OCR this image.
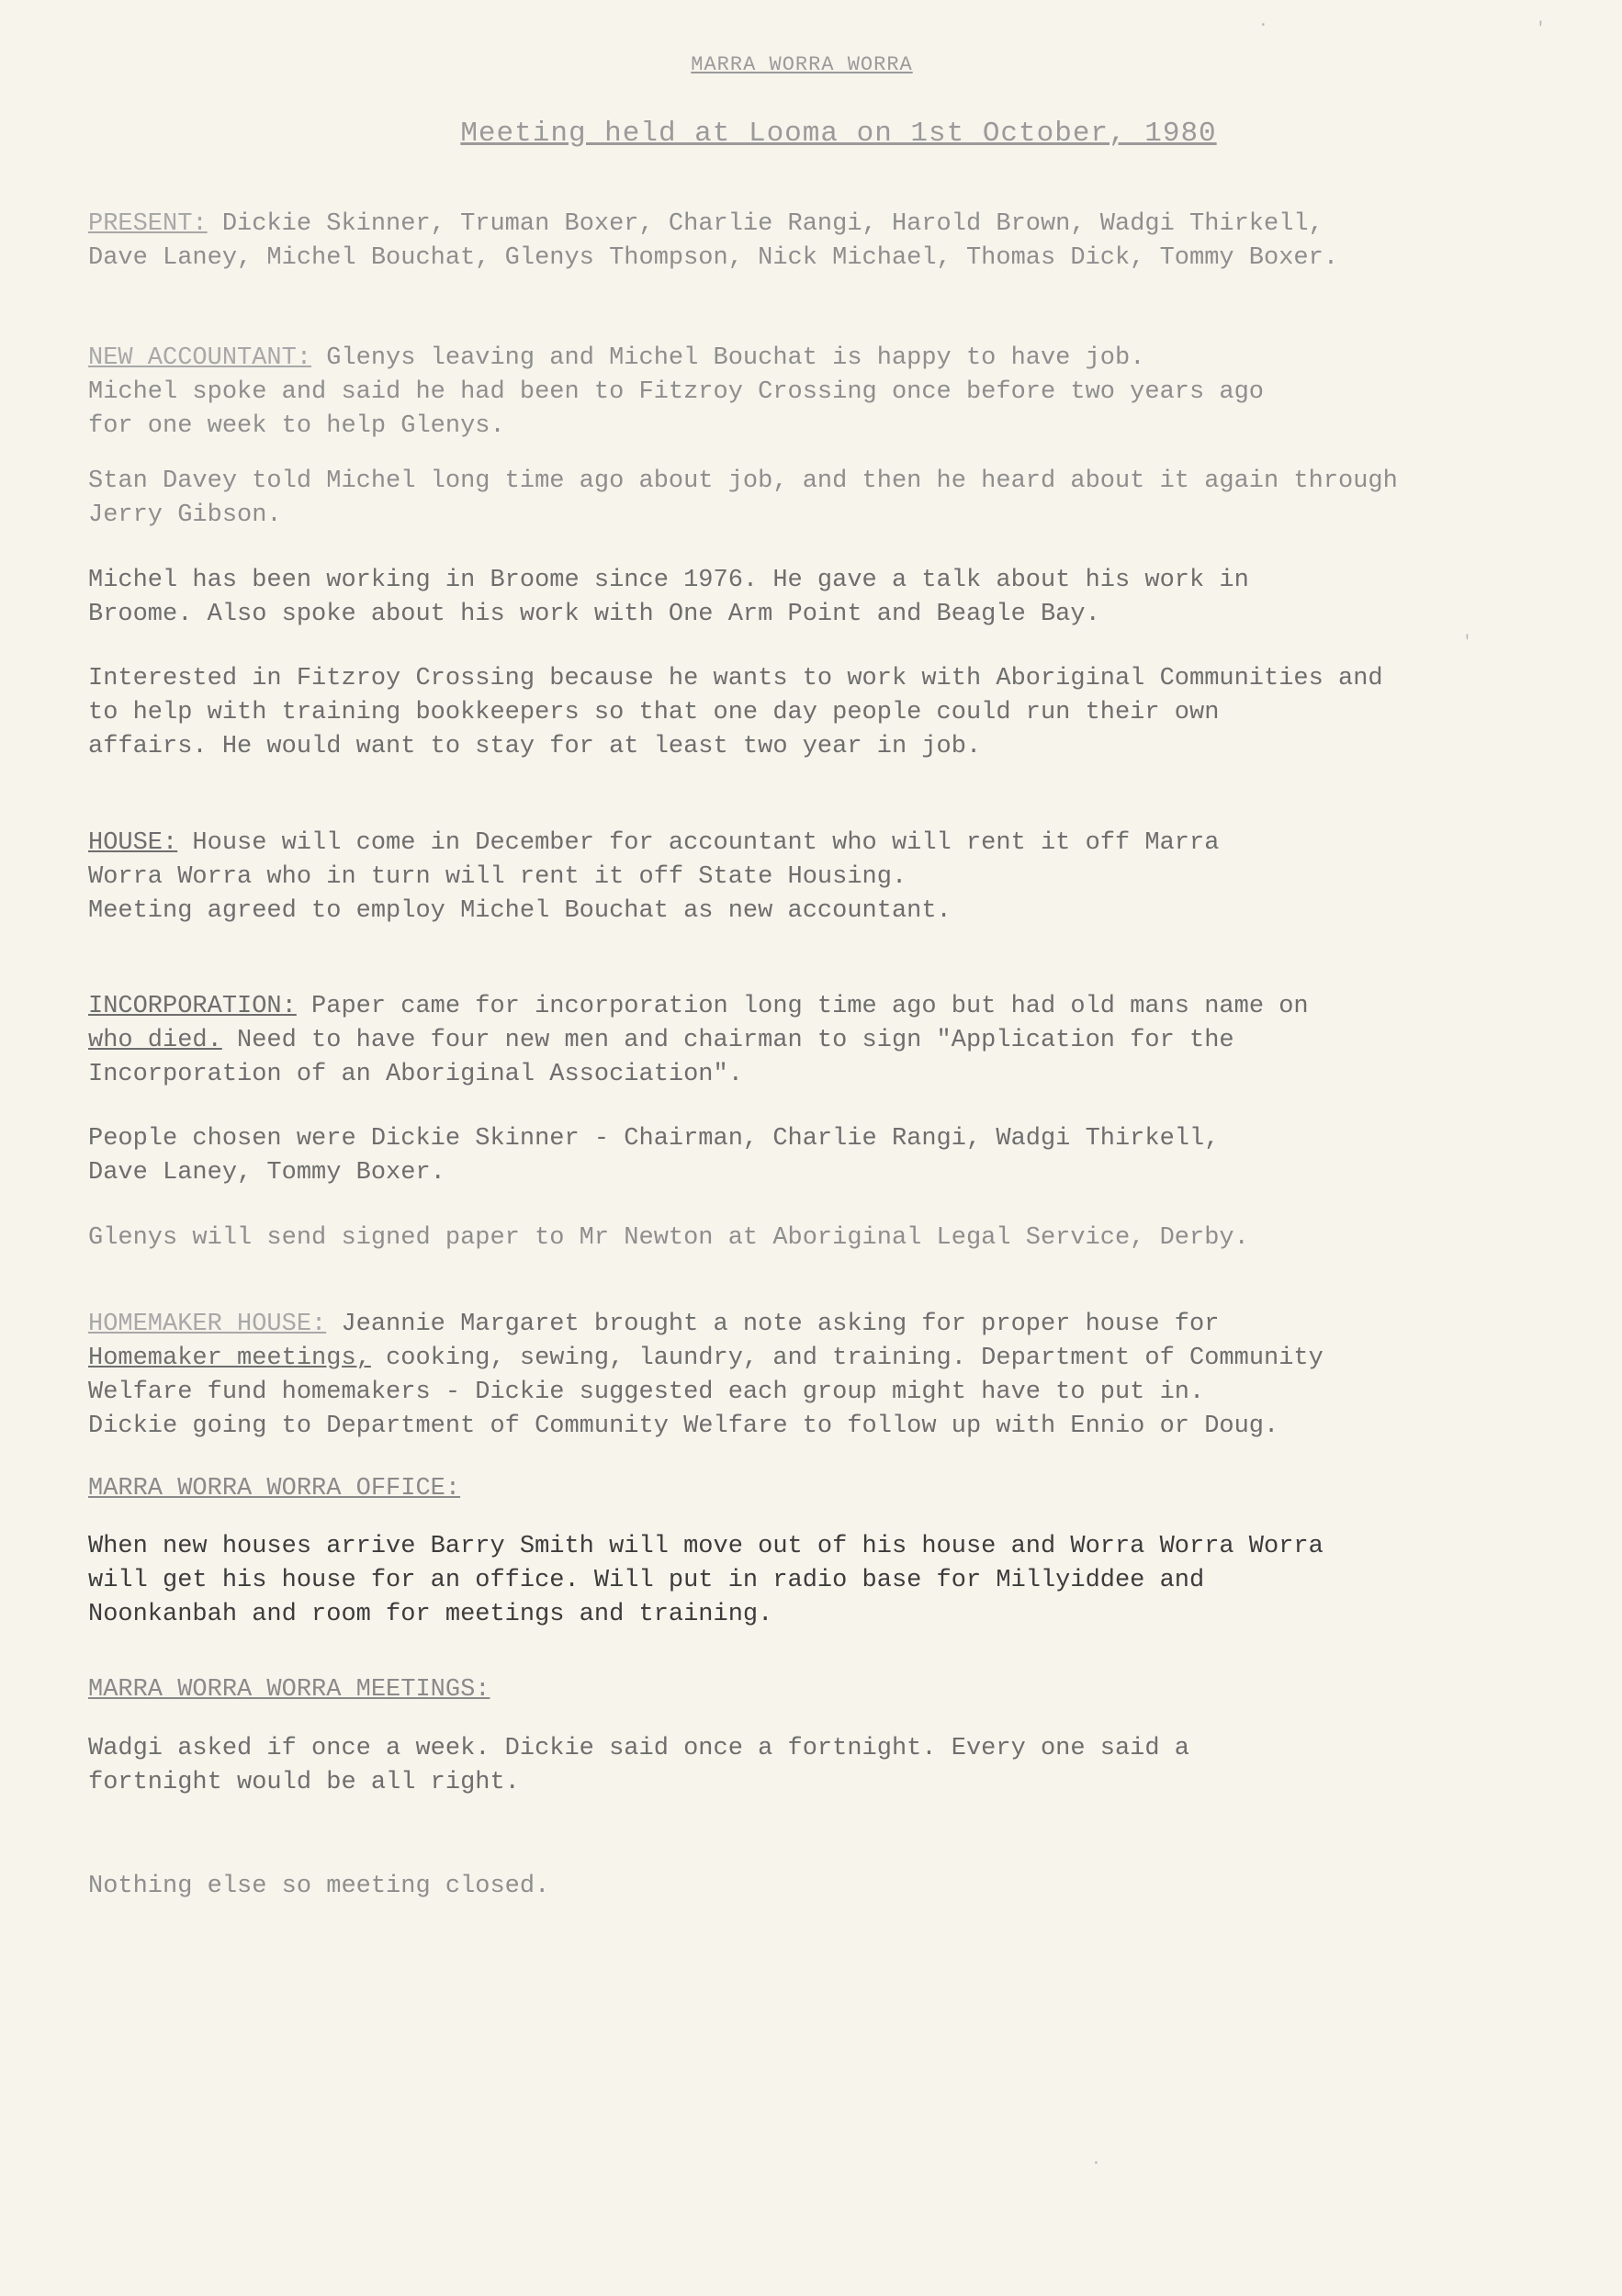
MARRA WORRA WORRA
Meeting held at Looma on 1st October, 1980
PRESENT: Dickie Skinner, Truman Boxer, Charlie Rangi, Harold Brown, Wadgi Thirkell,
Dave Laney, Michel Bouchat, Glenys Thompson, Nick Michael, Thomas Dick, Tommy Boxer.
NEW ACCOUNTANT: Glenys leaving and Michel Bouchat is happy to have job.
Michel spoke and said he had been to Fitzroy Crossing once before two years ago
for one week to help Glenys.
Stan Davey told Michel long time ago about job, and then he heard about it again through
Jerry Gibson.
Michel has been working in Broome since 1976. He gave a talk about his work in
Broome. Also spoke about his work with One Arm Point and Beagle Bay.
Interested in Fitzroy Crossing because he wants to work with Aboriginal Communities and
to help with training bookkeepers so that one day people could run their own
affairs. He would want to stay for at least two year in job.
HOUSE: House will come in December for accountant who will rent it off Marra
Worra Worra who in turn will rent it off State Housing.
Meeting agreed to employ Michel Bouchat as new accountant.
INCORPORATION: Paper came for incorporation long time ago but had old mans name on
who died. Need to have four new men and chairman to sign "Application for the
Incorporation of an Aboriginal Association".
People chosen were Dickie Skinner - Chairman, Charlie Rangi, Wadgi Thirkell,
Dave Laney, Tommy Boxer.
Glenys will send signed paper to Mr Newton at Aboriginal Legal Service, Derby.
HOMEMAKER HOUSE: Jeannie Margaret brought a note asking for proper house for
Homemaker meetings, cooking, sewing, laundry, and training. Department of Community
Welfare fund homemakers - Dickie suggested each group might have to put in.
Dickie going to Department of Community Welfare to follow up with Ennio or Doug.
MARRA WORRA WORRA OFFICE:
When new houses arrive Barry Smith will move out of his house and Worra Worra Worra
will get his house for an office. Will put in radio base for Millyiddee and
Noonkanbah and room for meetings and training.
MARRA WORRA WORRA MEETINGS:
Wadgi asked if once a week. Dickie said once a fortnight. Every one said a
fortnight would be all right.
Nothing else so meeting closed.
.	'
'
.
